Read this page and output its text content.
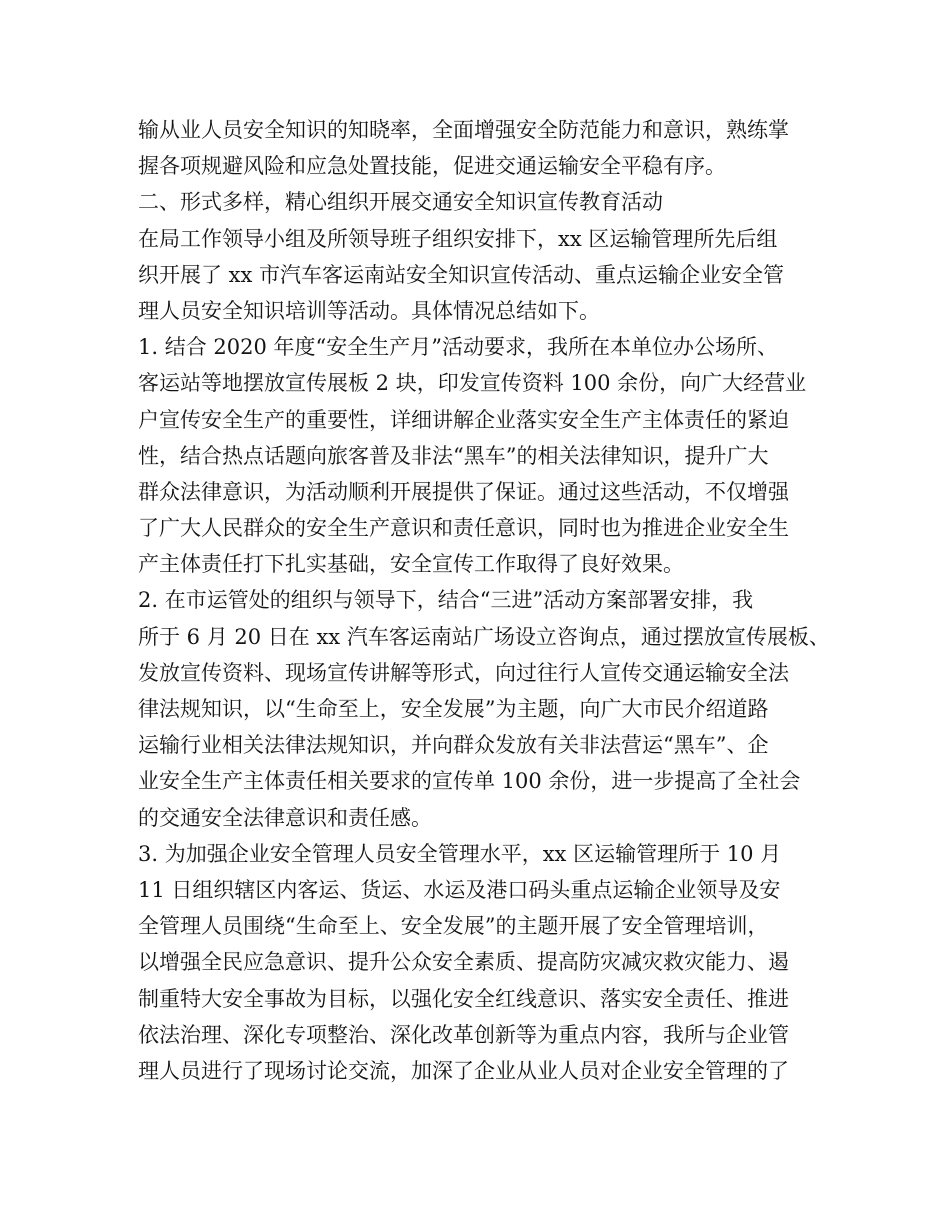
输从业人员安全知识的知晓率，全面增强安全防范能力和意识，熟练掌
握各项规避风险和应急处置技能，促进交通运输安全平稳有序。
二、形式多样，精心组织开展交通安全知识宣传教育活动
在局工作领导小组及所领导班子组织安排下，xx 区运输管理所先后组
织开展了 xx 市汽车客运南站安全知识宣传活动、重点运输企业安全管
理人员安全知识培训等活动。具体情况总结如下。
1. 结合 2020 年度“安全生产月”活动要求，我所在本单位办公场所、
客运站等地摆放宣传展板 2 块，印发宣传资料 100 余份，向广大经营业
户宣传安全生产的重要性，详细讲解企业落实安全生产主体责任的紧迫
性，结合热点话题向旅客普及非法“黑车”的相关法律知识，提升广大
群众法律意识，为活动顺利开展提供了保证。通过这些活动，不仅增强
了广大人民群众的安全生产意识和责任意识，同时也为推进企业安全生
产主体责任打下扎实基础，安全宣传工作取得了良好效果。
2. 在市运管处的组织与领导下，结合“三进”活动方案部署安排，我
所于 6 月 20 日在 xx 汽车客运南站广场设立咨询点，通过摆放宣传展板、
发放宣传资料、现场宣传讲解等形式，向过往行人宣传交通运输安全法
律法规知识，以“生命至上，安全发展”为主题，向广大市民介绍道路
运输行业相关法律法规知识，并向群众发放有关非法营运“黑车”、企
业安全生产主体责任相关要求的宣传单 100 余份，进一步提高了全社会
的交通安全法律意识和责任感。
3. 为加强企业安全管理人员安全管理水平，xx 区运输管理所于 10 月
11 日组织辖区内客运、货运、水运及港口码头重点运输企业领导及安
全管理人员围绕“生命至上、安全发展”的主题开展了安全管理培训，
以增强全民应急意识、提升公众安全素质、提高防灾减灾救灾能力、遏
制重特大安全事故为目标，以强化安全红线意识、落实安全责任、推进
依法治理、深化专项整治、深化改革创新等为重点内容，我所与企业管
理人员进行了现场讨论交流，加深了企业从业人员对企业安全管理的了
